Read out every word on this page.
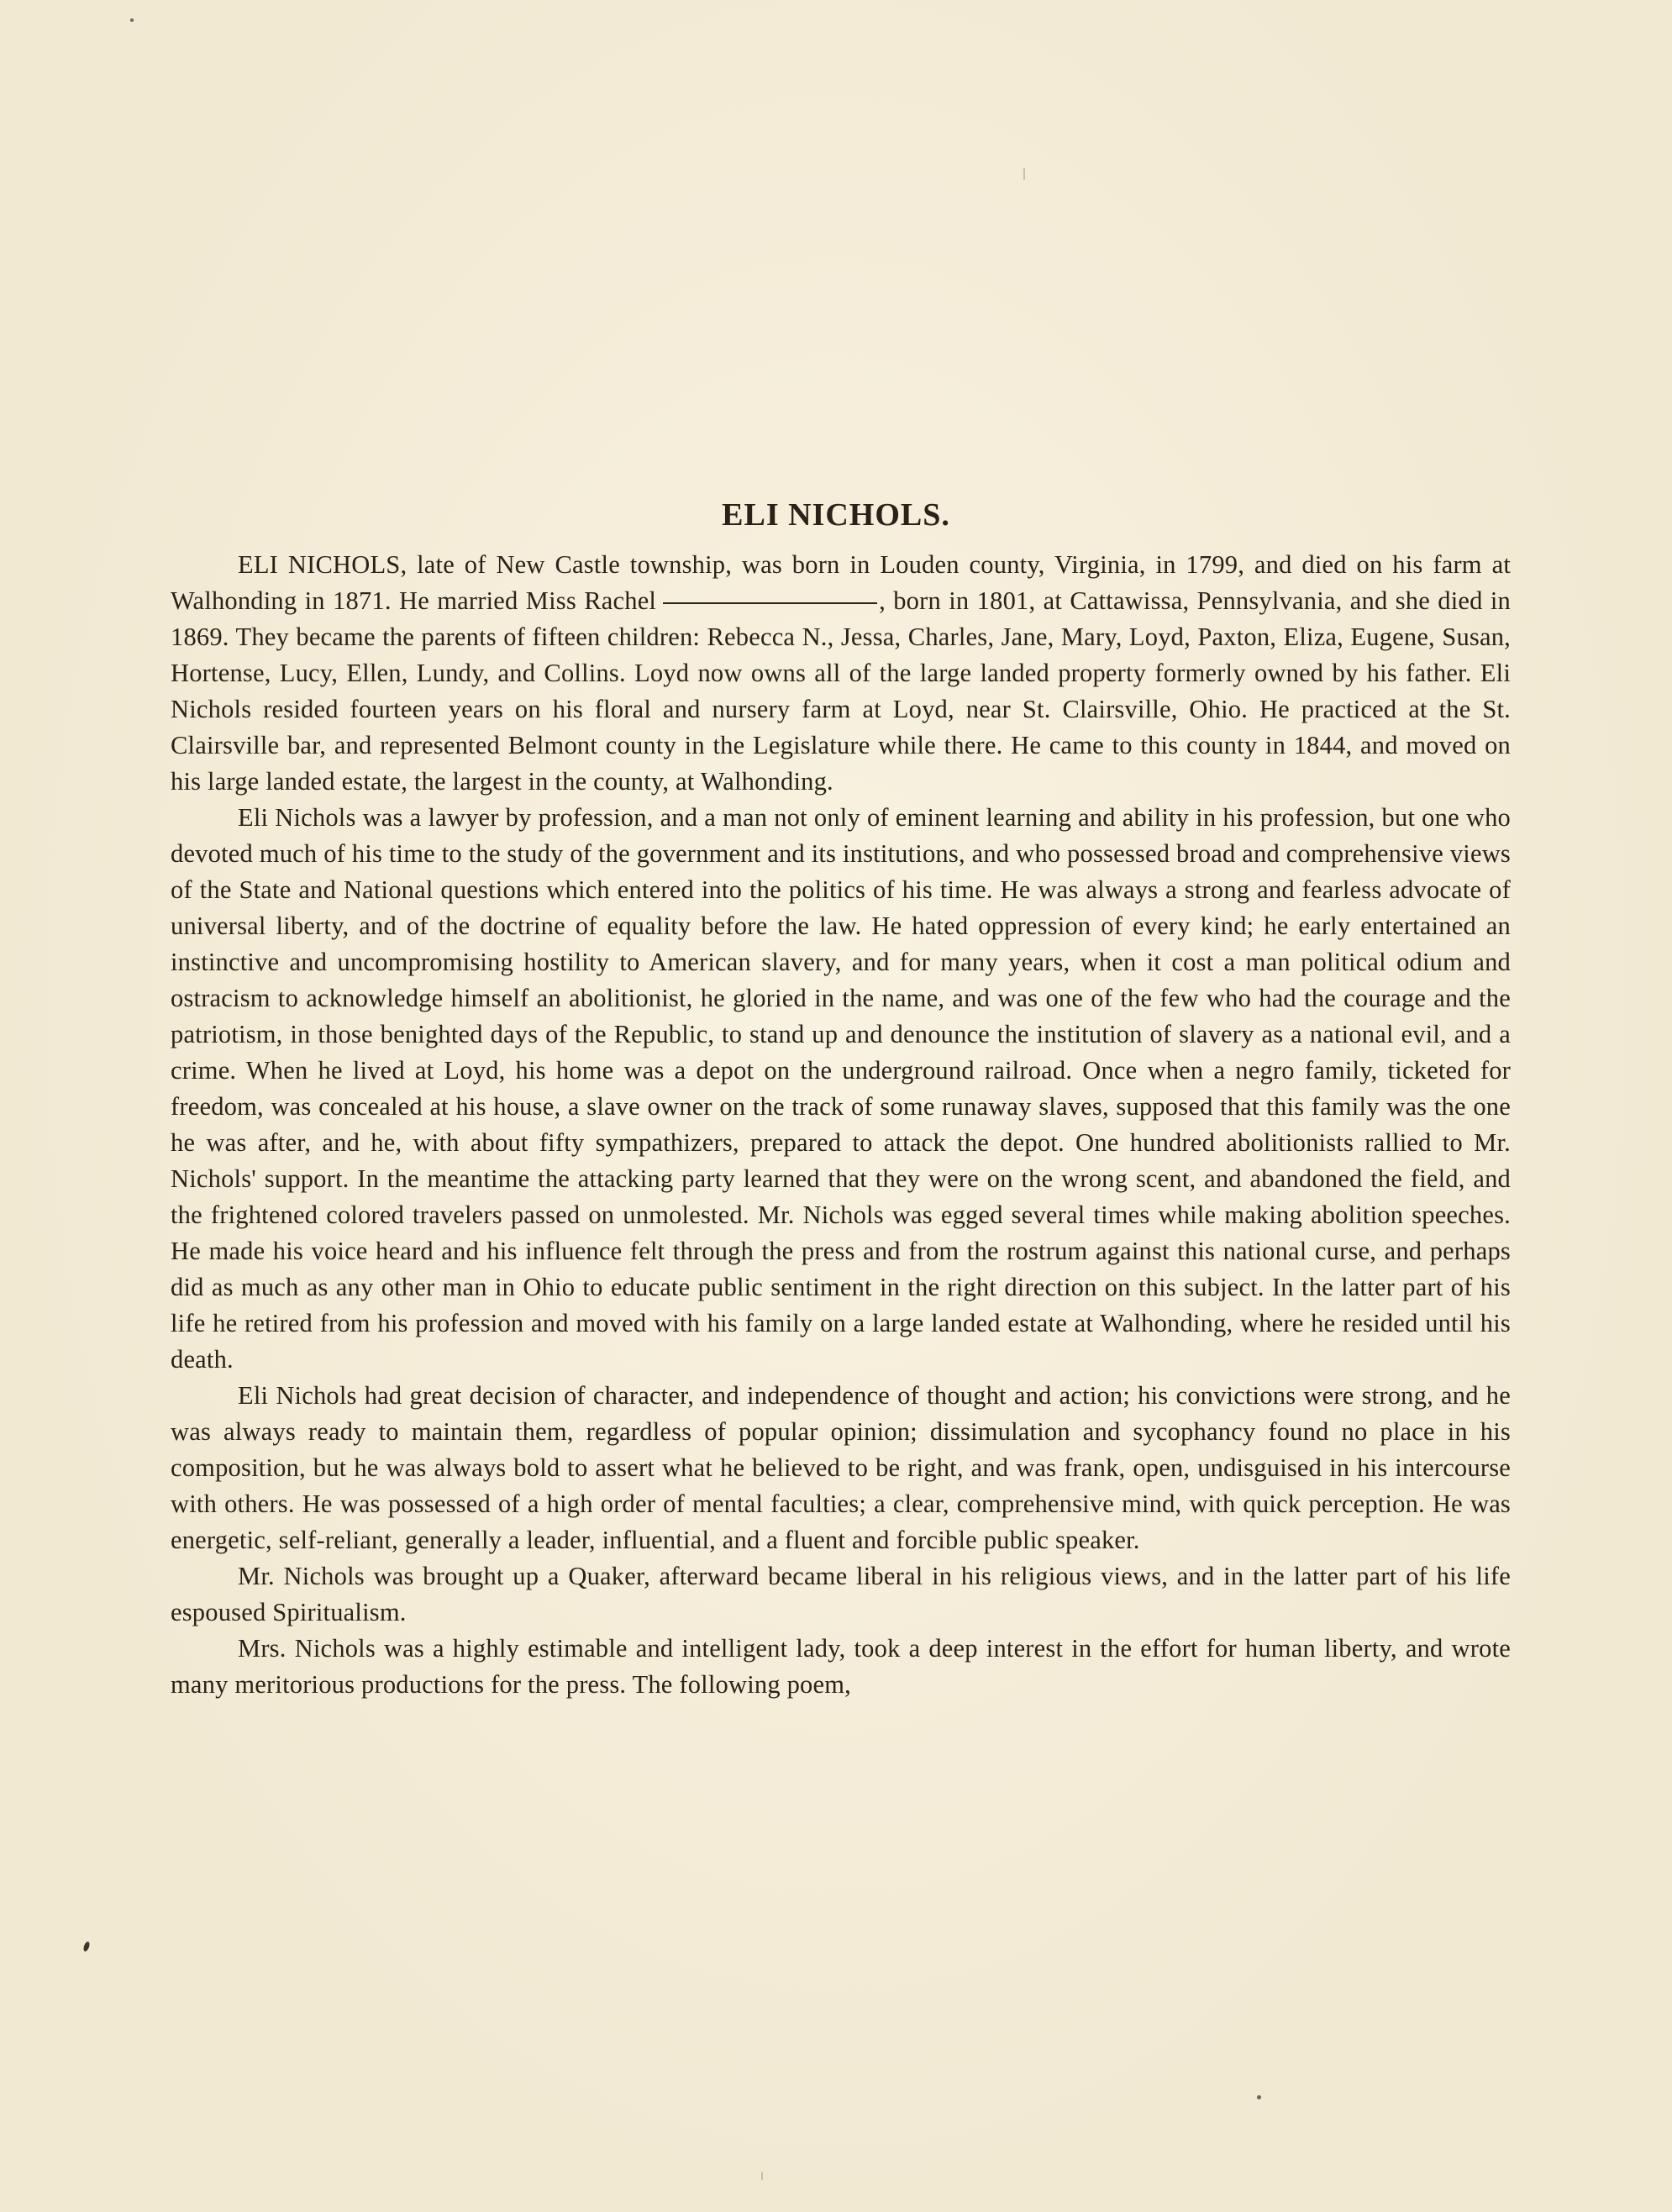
ELI NICHOLS.

ELI NICHOLS, late of New Castle township, was born in Louden county, Virginia, in 1799, and died on his farm at Walhonding in 1871. He married Miss Rachel	, born in 1801, at Cattawissa, Pennsylvania, and she died in 1869. They became the parents of fifteen children: Rebecca N., Jessa, Charles, Jane, Mary, Loyd, Paxton, Eliza, Eugene, Susan, Hortense, Lucy, Ellen, Lundy, and Collins. Loyd now owns all of the large landed property formerly owned by his father. Eli Nichols resided fourteen years on his floral and nursery farm at Loyd, near St. Clairsville, Ohio. He practiced at the St. Clairsville bar, and represented Belmont county in the Legislature while there. He came to this county in 1844, and moved on his large landed estate, the largest in the county, at Walhonding.

Eli Nichols was a lawyer by profession, and a man not only of eminent learning and ability in his profession, but one who devoted much of his time to the study of the government and its institutions, and who possessed broad and comprehensive views of the State and National questions which entered into the politics of his time. He was always a strong and fearless advocate of universal liberty, and of the doctrine of equality before the law. He hated oppression of every kind; he early entertained an instinctive and uncompromising hostility to American slavery, and for many years, when it cost a man political odium and ostracism to acknowledge himself an abolitionist, he gloried in the name, and was one of the few who had the courage and the patriotism, in those benighted days of the Republic, to stand up and denounce the institution of slavery as a national evil, and a crime. When he lived at Loyd, his home was a depot on the underground railroad. Once when a negro family, ticketed for freedom, was concealed at his house, a slave owner on the track of some runaway slaves, supposed that this family was the one he was after, and he, with about fifty sympathizers, prepared to attack the depot. One hundred abolitionists rallied to Mr. Nichols' support. In the meantime the attacking party learned that they were on the wrong scent, and abandoned the field, and the frightened colored travelers passed on unmolested. Mr. Nichols was egged several times while making abolition speeches. He made his voice heard and his influence felt through the press and from the rostrum against this national curse, and perhaps did as much as any other man in Ohio to educate public sentiment in the right direction on this subject. In the latter part of his life he retired from his profession and moved with his family on a large landed estate at Walhonding, where he resided until his death.

Eli Nichols had great decision of character, and independence of thought and action; his convictions were strong, and he was always ready to maintain them, regardless of popular opinion; dissimulation and sycophancy found no place in his composition, but he was always bold to assert what he believed to be right, and was frank, open, undisguised in his intercourse with others. He was possessed of a high order of mental faculties; a clear, comprehensive mind, with quick perception. He was energetic, self-reliant, generally a leader, influential, and a fluent and forcible public speaker.

Mr. Nichols was brought up a Quaker, afterward became liberal in his religious views, and in the latter part of his life espoused Spiritualism.

Mrs. Nichols was a highly estimable and intelligent lady, took a deep interest in the effort for human liberty, and wrote many meritorious productions for the press. The following poem,
